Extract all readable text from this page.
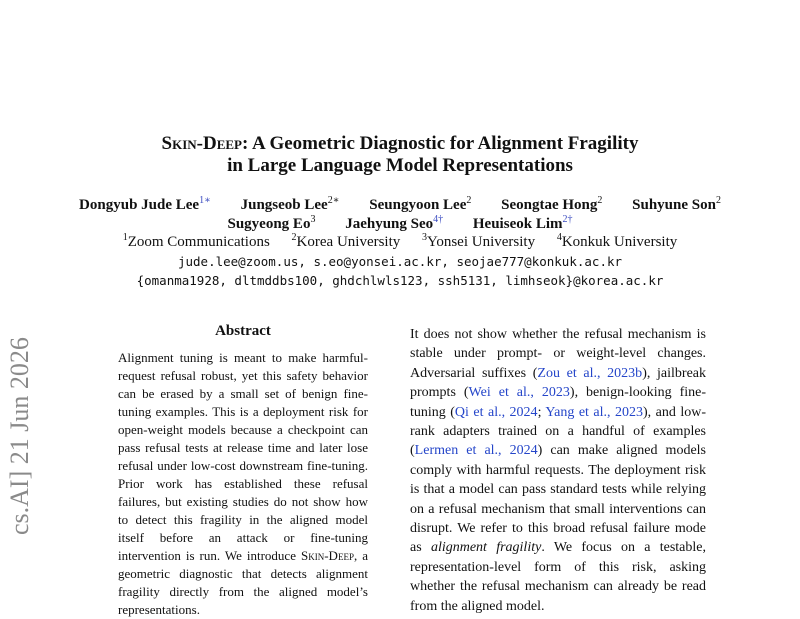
cs.AI] 21 Jun 2026
Skin-Deep: A Geometric Diagnostic for Alignment Fragility
in Large Language Model Representations
Dongyub Jude Lee$^{1∗}$ Jungseob Lee$^{2∗}$ Seungyoon Lee$^2$ Seongtae Hong$^2$ Suhyune Son$^2$
Sugyeong Eo$^3$ Jaehyung Seo$^{4\dagger}$ Heuiseok Lim$^{2\dagger}$
$^1$Zoom Communications $^2$Korea University $^3$Yonsei University $^4$Konkuk University
jude.lee@zoom.us, s.eo@yonsei.ac.kr, seojae777@konkuk.ac.kr
{omanma1928, dltmddbs100, ghdchlwls123, ssh5131, limhseok}@korea.ac.kr
Abstract
Alignment tuning is meant to make harmful-request refusal robust, yet this safety behavior can be erased by a small set of benign fine-tuning examples. This is a deployment risk for open-weight models because a checkpoint can pass refusal tests at release time and later lose refusal under low-cost downstream fine-tuning. Prior work has established these refusal failures, but existing studies do not show how to detect this fragility in the aligned model itself before an attack or fine-tuning intervention is run. We introduce Skin-Deep, a geometric diagnostic that detects alignment fragility directly from the aligned model’s representations.
It does not show whether the refusal mechanism is stable under prompt- or weight-level changes. Adversarial suffixes (Zou et al., 2023b), jailbreak prompts (Wei et al., 2023), benign-looking fine-tuning (Qi et al., 2024; Yang et al., 2023), and low-rank adapters trained on a handful of examples (Lermen et al., 2024) can make aligned models comply with harmful requests. The deployment risk is that a model can pass standard tests while relying on a refusal mechanism that small interventions can disrupt. We refer to this broad refusal failure mode as alignment fragility. We focus on a testable, representation-level form of this risk, asking whether the refusal mechanism can already be read from the aligned model.
